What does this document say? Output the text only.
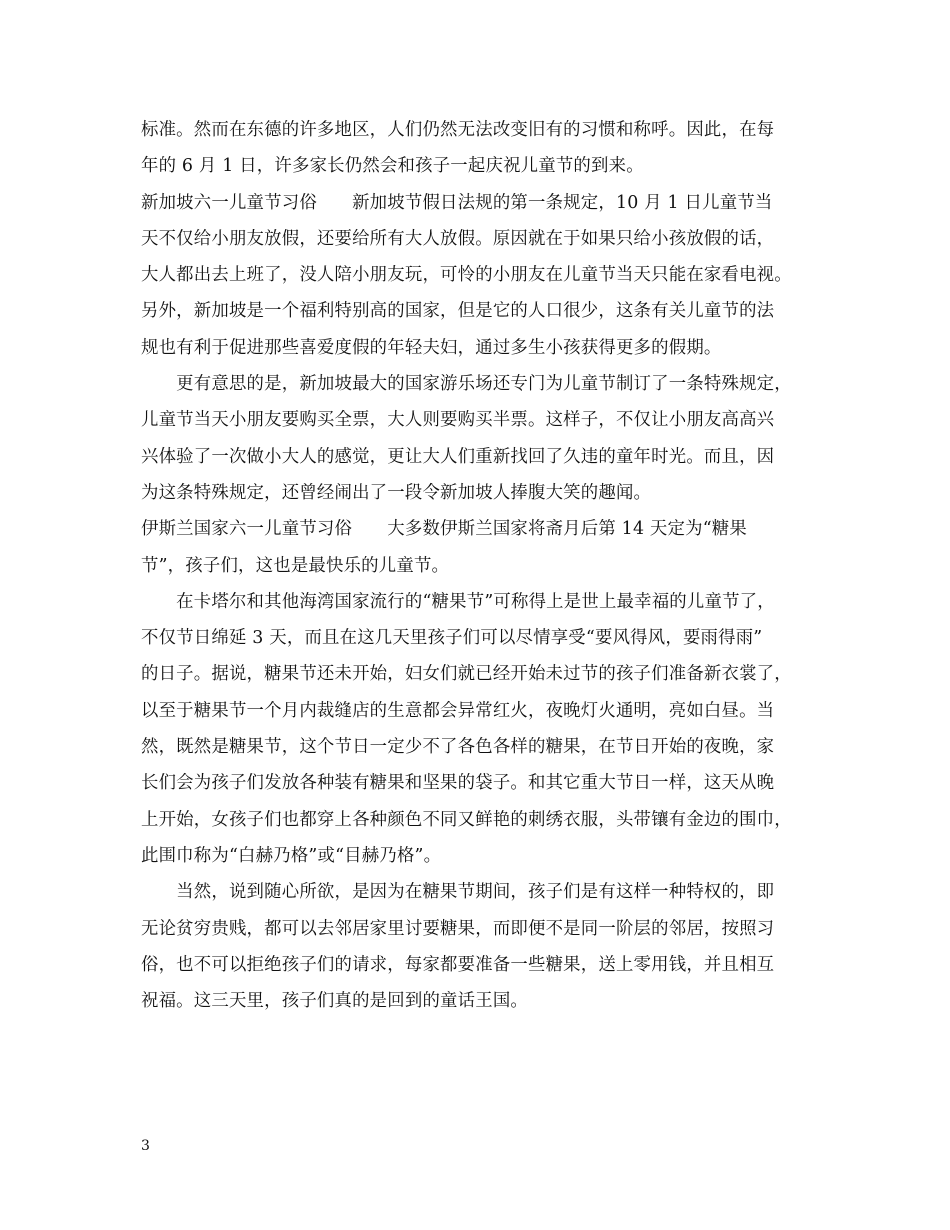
标准。然而在东德的许多地区，人们仍然无法改变旧有的习惯和称呼。因此，在每
年的 6 月 1 日，许多家长仍然会和孩子一起庆祝儿童节的到来。
新加坡六一儿童节习俗　　新加坡节假日法规的第一条规定，10 月 1 日儿童节当
天不仅给小朋友放假，还要给所有大人放假。原因就在于如果只给小孩放假的话，
大人都出去上班了，没人陪小朋友玩，可怜的小朋友在儿童节当天只能在家看电视。
另外，新加坡是一个福利特别高的国家，但是它的人口很少，这条有关儿童节的法
规也有利于促进那些喜爱度假的年轻夫妇，通过多生小孩获得更多的假期。
　　更有意思的是，新加坡最大的国家游乐场还专门为儿童节制订了一条特殊规定，
儿童节当天小朋友要购买全票，大人则要购买半票。这样子，不仅让小朋友高高兴
兴体验了一次做小大人的感觉，更让大人们重新找回了久违的童年时光。而且，因
为这条特殊规定，还曾经闹出了一段令新加坡人捧腹大笑的趣闻。
伊斯兰国家六一儿童节习俗　　大多数伊斯兰国家将斋月后第 14 天定为“糖果
节”，孩子们，这也是最快乐的儿童节。
　　在卡塔尔和其他海湾国家流行的“糖果节”可称得上是世上最幸福的儿童节了，
不仅节日绵延 3 天，而且在这几天里孩子们可以尽情享受“要风得风，要雨得雨”
的日子。据说，糖果节还未开始，妇女们就已经开始未过节的孩子们准备新衣裳了，
以至于糖果节一个月内裁缝店的生意都会异常红火，夜晚灯火通明，亮如白昼。当
然，既然是糖果节，这个节日一定少不了各色各样的糖果，在节日开始的夜晚，家
长们会为孩子们发放各种装有糖果和坚果的袋子。和其它重大节日一样，这天从晚
上开始，女孩子们也都穿上各种颜色不同又鲜艳的刺绣衣服，头带镶有金边的围巾，
此围巾称为“白赫乃格”或“目赫乃格”。
　　当然，说到随心所欲，是因为在糖果节期间，孩子们是有这样一种特权的，即
无论贫穷贵贱，都可以去邻居家里讨要糖果，而即便不是同一阶层的邻居，按照习
俗，也不可以拒绝孩子们的请求，每家都要准备一些糖果，送上零用钱，并且相互
祝福。这三天里，孩子们真的是回到的童话王国。
3
